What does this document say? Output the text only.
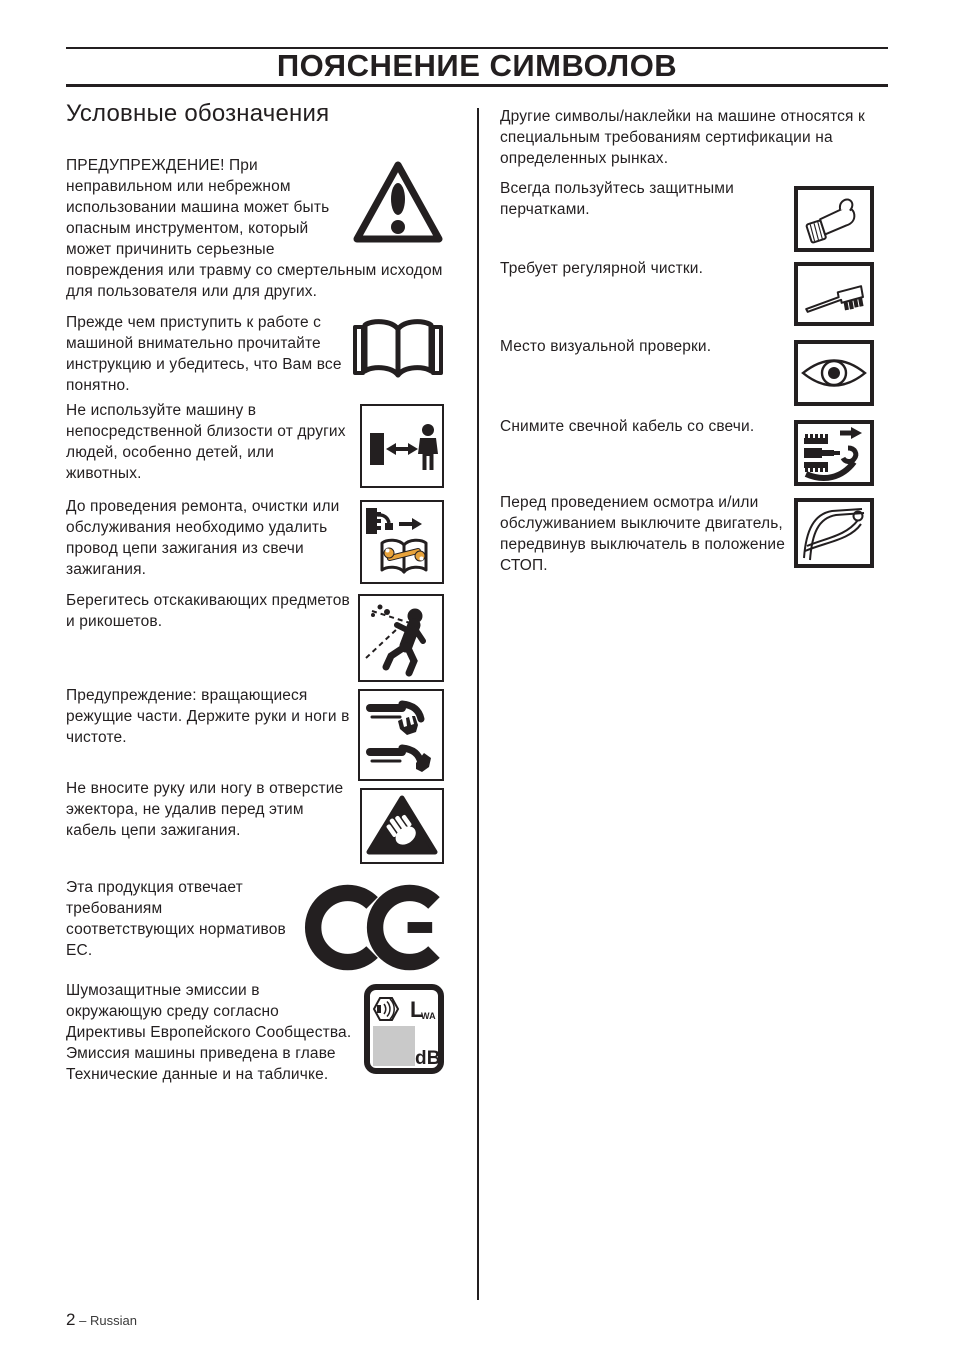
ПОЯСНЕНИЕ СИМВОЛОВ
Условные обозначения

ПРЕДУПРЕЖДЕНИЕ! При неправильном или небрежном использовании машина может быть опасным инструментом, который может причинить серьезные повреждения или травму со смертельным исходом для пользователя или для других.

Прежде чем приступить к работе с машиной внимательно прочитайте инструкцию и убедитесь, что Вам все понятно.

Не используйте машину в непосредственной близости от других людей, особенно детей, или животных.

До проведения ремонта, очистки или обслуживания необходимо удалить провод цепи зажигания из свечи зажигания.

Берегитесь отскакивающих предметов и рикошетов.

Предупреждение: вращающиеся режущие части. Держите руки и ноги в чистоте.

Не вносите руку или ногу в отверстие эжектора, не удалив перед этим кабель цепи зажигания.

Эта продукция отвечает требованиям соответствующих нормативов ЕС.

L
WA
dB

Шумозащитные эмиссии в окружающую среду согласно Директивы Европейского Сообщества. Эмиссия машины приведена в главе Технические данные и на табличке.

Другие символы/наклейки на машине относятся к специальным требованиям сертификации на определенных рынках.

Всегда пользуйтесь защитными перчатками.

Требует регулярной чистки.

Место визуальной проверки.

Снимите свечной кабель со свечи.

Перед проведением осмотра и/или обслуживанием выключите двигатель, передвинув выключатель в положение СТОП.

2 – Russian
